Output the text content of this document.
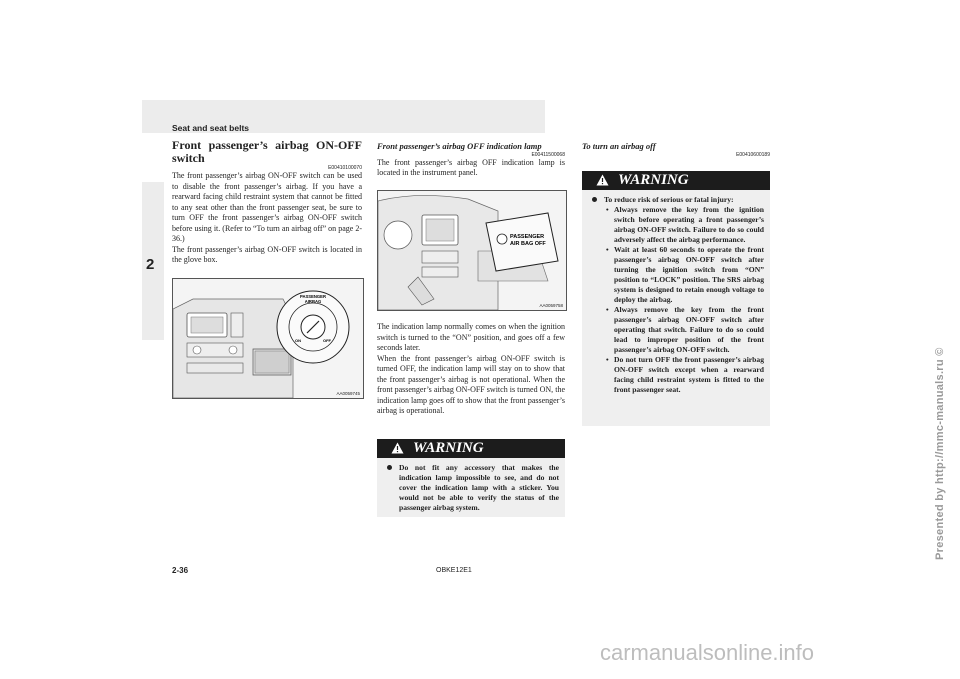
Seat and seat belts
2
Front passenger’s airbag ON-OFF switch
E00410100070
The front passenger’s airbag ON-OFF switch can be used to disable the front passenger’s airbag. If you have a rearward facing child restraint system that cannot be fitted to any seat other than the front passenger seat, be sure to turn OFF the front passenger’s airbag ON-OFF switch before using it. (Refer to “To turn an airbag off” on page 2-36.)
The front passenger’s airbag ON-OFF switch is located in the glove box.
PASSENGER
AIRBAG
ON	OFF
AA0059745
Front passenger’s airbag OFF indication lamp
E00411500068
The front passenger’s airbag OFF indication lamp is located in the instrument panel.
PASSENGER
AIR BAG OFF
AA0059758
The indication lamp normally comes on when the ignition switch is turned to the “ON” position, and goes off a few seconds later.
When the front passenger’s airbag ON-OFF switch is turned OFF, the indication lamp will stay on to show that the front passenger’s airbag is not operational. When the front passenger’s airbag ON-OFF switch is turned ON, the indication lamp goes off to show that the front passenger’s airbag is operational.
WARNING
Do not fit any accessory that makes the indication lamp impossible to see, and do not cover the indication lamp with a sticker. You would not be able to verify the status of the passenger airbag system.
To turn an airbag off
E00410600189
WARNING
To reduce risk of serious or fatal injury:
• Always remove the key from the ignition switch before operating a front passenger’s airbag ON-OFF switch. Failure to do so could adversely affect the airbag performance.
• Wait at least 60 seconds to operate the front passenger’s airbag ON-OFF switch after turning the ignition switch from “ON” position to “LOCK” position. The SRS airbag system is designed to retain enough voltage to deploy the airbag.
• Always remove the key from the front passenger’s airbag ON-OFF switch after operating that switch. Failure to do so could lead to improper position of the front passenger’s airbag ON-OFF switch.
• Do not turn OFF the front passenger’s airbag ON-OFF switch except when a rearward facing child restraint system is fitted to the front passenger seat.
2-36	OBKE12E1
Presented by http://mmc-manuals.ru ©
carmanualsonline.info
